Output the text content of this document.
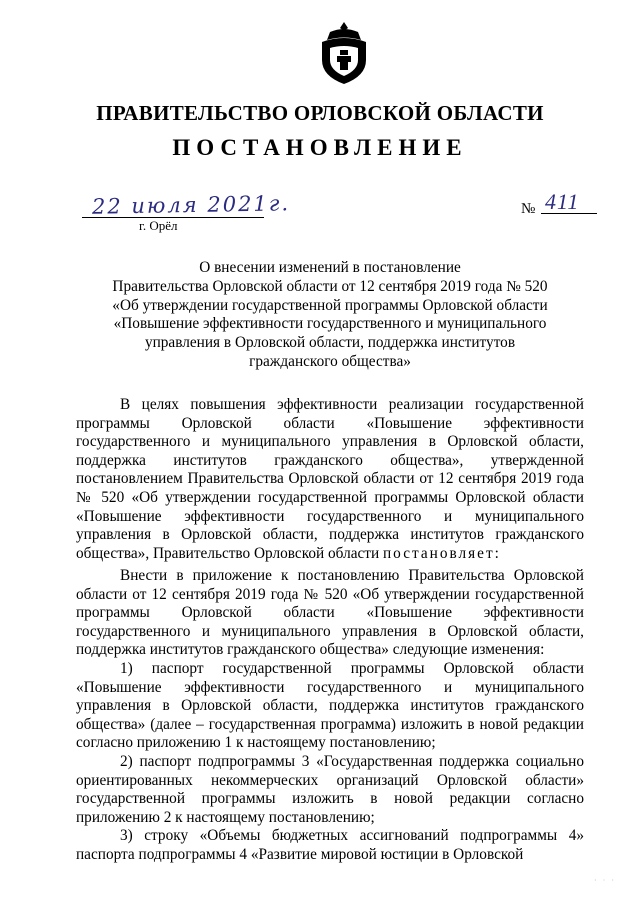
ПРАВИТЕЛЬСТВО ОРЛОВСКОЙ ОБЛАСТИ
ПОСТАНОВЛЕНИЕ
22 июля 2021г.
г. Орёл
№ 411
О внесении изменений в постановление
Правительства Орловской области от 12 сентября 2019 года № 520
«Об утверждении государственной программы Орловской области
«Повышение эффективности государственного и муниципального
управления в Орловской области, поддержка институтов
гражданского общества»
В целях повышения эффективности реализации государственной программы Орловской области «Повышение эффективности государственного и муниципального управления в Орловской области, поддержка институтов гражданского общества», утвержденной постановлением Правительства Орловской области от 12 сентября 2019 года № 520 «Об утверждении государственной программы Орловской области «Повышение эффективности государственного и муниципального управления в Орловской области, поддержка институтов гражданского общества», Правительство Орловской области постановляет:

Внести в приложение к постановлению Правительства Орловской области от 12 сентября 2019 года № 520 «Об утверждении государственной программы Орловской области «Повышение эффективности государственного и муниципального управления в Орловской области, поддержка институтов гражданского общества» следующие изменения:

1) паспорт государственной программы Орловской области «Повышение эффективности государственного и муниципального управления в Орловской области, поддержка институтов гражданского общества» (далее – государственная программа) изложить в новой редакции согласно приложению 1 к настоящему постановлению;

2) паспорт подпрограммы 3 «Государственная поддержка социально ориентированных некоммерческих организаций Орловской области» государственной программы изложить в новой редакции согласно приложению 2 к настоящему постановлению;

3) строку «Объемы бюджетных ассигнований подпрограммы 4» паспорта подпрограммы 4 «Развитие мировой юстиции в Орловской

· · ·
